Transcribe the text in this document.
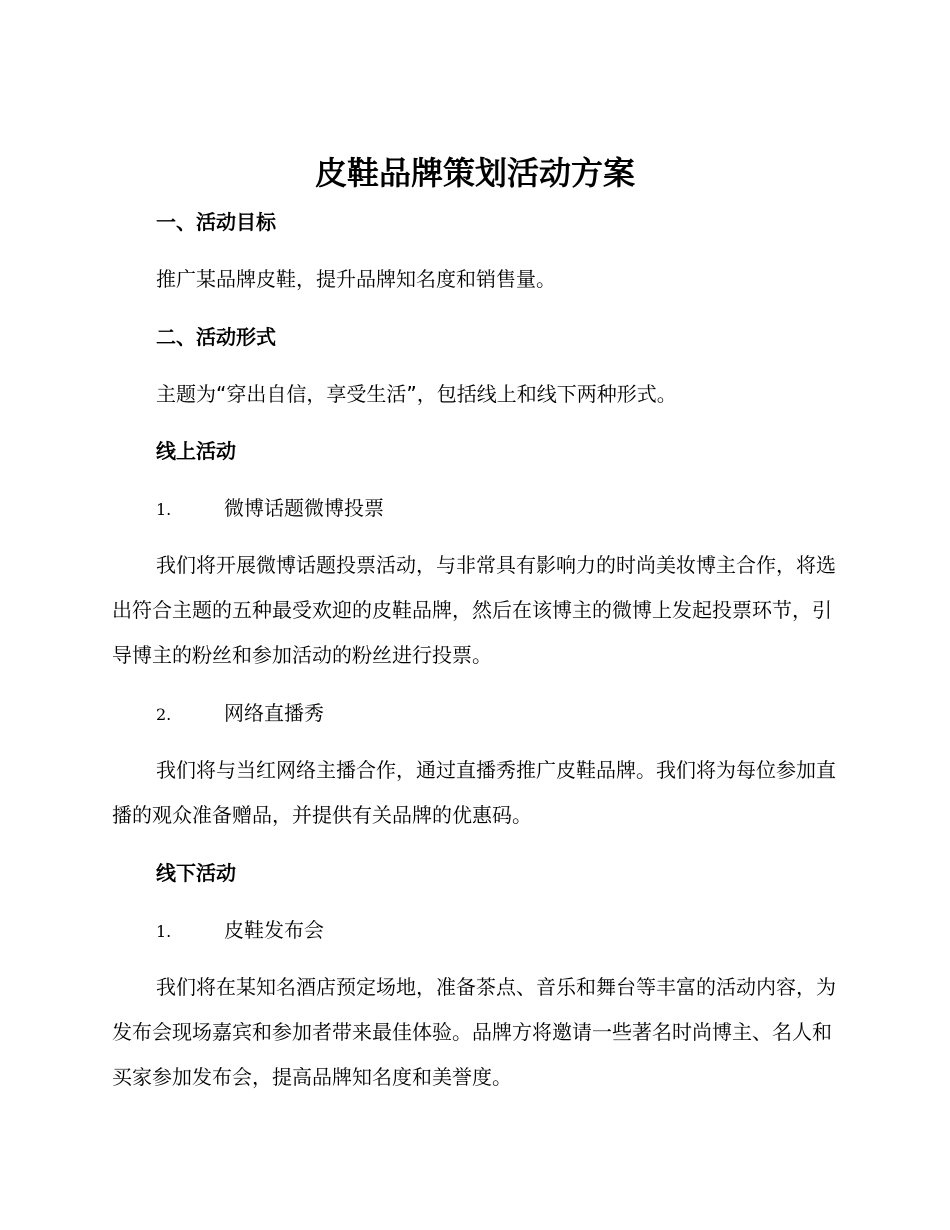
皮鞋品牌策划活动方案
一、活动目标

推广某品牌皮鞋，提升品牌知名度和销售量。

二、活动形式

主题为“穿出自信，享受生活”，包括线上和线下两种形式。

线上活动
1.	微博话题微博投票

我们将开展微博话题投票活动，与非常具有影响力的时尚美妆博主合作，将选出符合主题的五种最受欢迎的皮鞋品牌，然后在该博主的微博上发起投票环节，引导博主的粉丝和参加活动的粉丝进行投票。

2.	网络直播秀

我们将与当红网络主播合作，通过直播秀推广皮鞋品牌。我们将为每位参加直播的观众准备赠品，并提供有关品牌的优惠码。

线下活动
1.	皮鞋发布会

我们将在某知名酒店预定场地，准备茶点、音乐和舞台等丰富的活动内容，为发布会现场嘉宾和参加者带来最佳体验。品牌方将邀请一些著名时尚博主、名人和买家参加发布会，提高品牌知名度和美誉度。
